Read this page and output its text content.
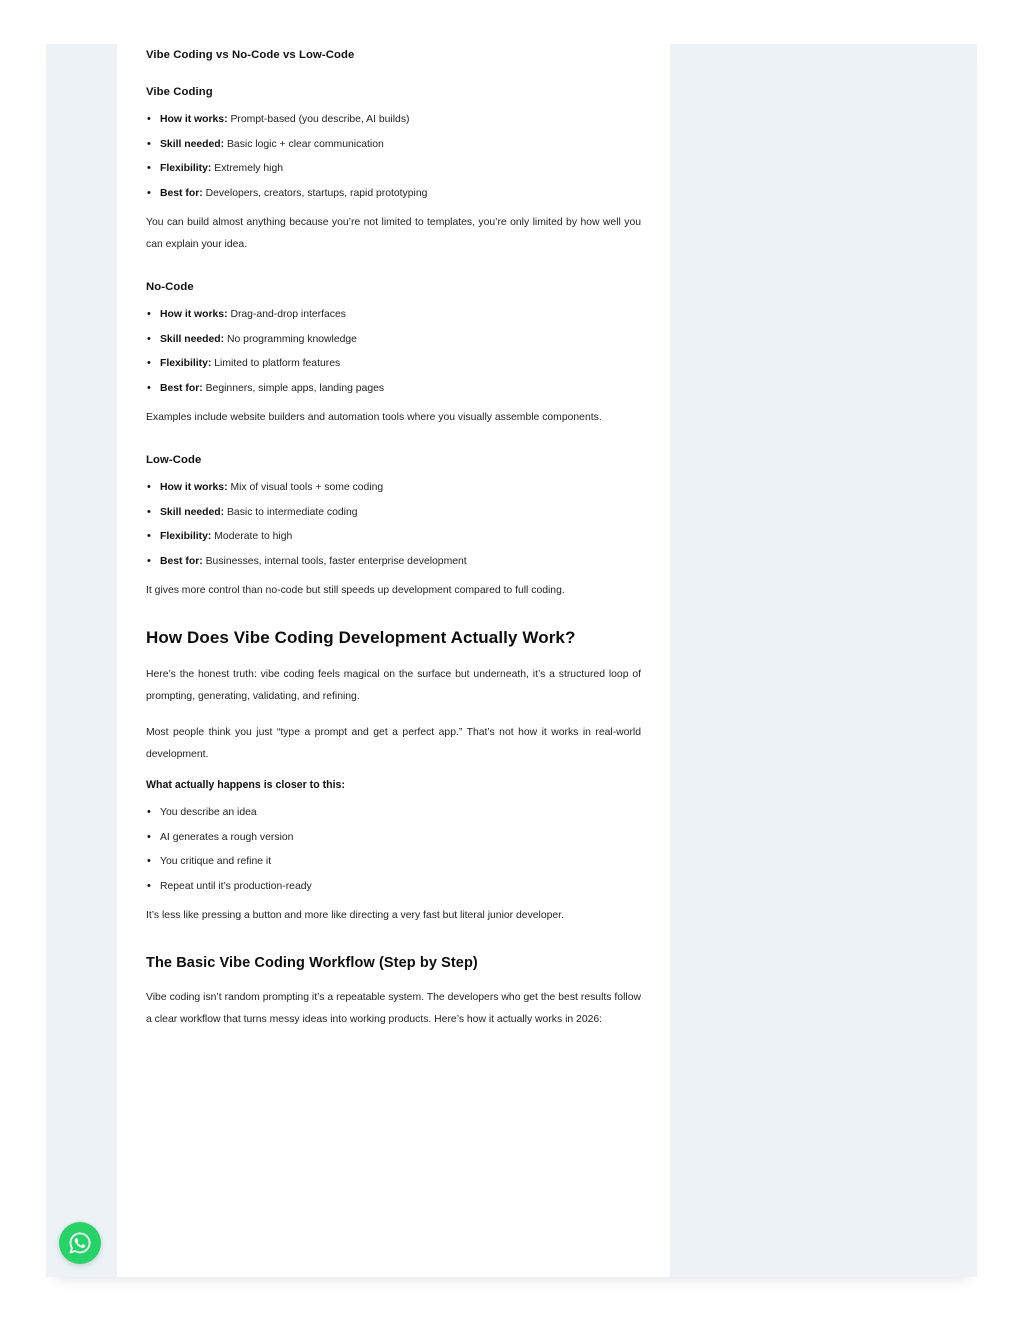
Vibe Coding vs No-Code vs Low-Code
Vibe Coding
• How it works: Prompt-based (you describe, AI builds)
• Skill needed: Basic logic + clear communication
• Flexibility: Extremely high
• Best for: Developers, creators, startups, rapid prototyping

You can build almost anything because you’re not limited to templates, you’re only limited by how well you can explain your idea.

No-Code
• How it works: Drag-and-drop interfaces
• Skill needed: No programming knowledge
• Flexibility: Limited to platform features
• Best for: Beginners, simple apps, landing pages

Examples include website builders and automation tools where you visually assemble components.

Low-Code
• How it works: Mix of visual tools + some coding
• Skill needed: Basic to intermediate coding
• Flexibility: Moderate to high
• Best for: Businesses, internal tools, faster enterprise development

It gives more control than no-code but still speeds up development compared to full coding.

How Does Vibe Coding Development Actually Work?

Here’s the honest truth: vibe coding feels magical on the surface but underneath, it’s a structured loop of prompting, generating, validating, and refining.

Most people think you just “type a prompt and get a perfect app.” That’s not how it works in real-world development.

What actually happens is closer to this:

• You describe an idea
• AI generates a rough version
• You critique and refine it
• Repeat until it’s production-ready

It’s less like pressing a button and more like directing a very fast but literal junior developer.

The Basic Vibe Coding Workflow (Step by Step)

Vibe coding isn’t random prompting it’s a repeatable system. The developers who get the best results follow a clear workflow that turns messy ideas into working products. Here’s how it actually works in 2026:
